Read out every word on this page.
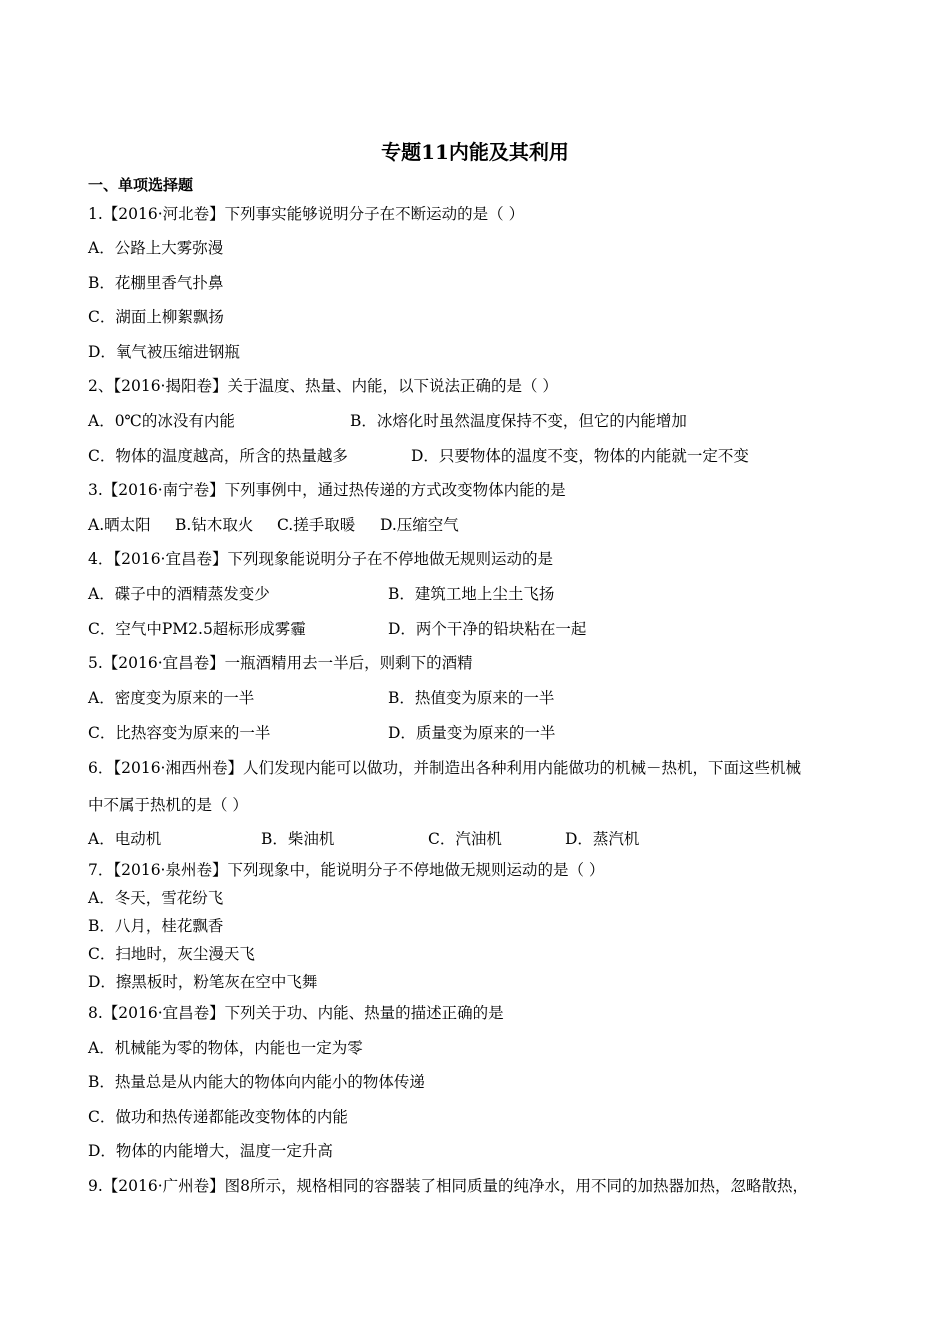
专题11内能及其利用
一、单项选择题
1.【2016·河北卷】下列事实能够说明分子在不断运动的是（ ）
A．公路上大雾弥漫
B．花棚里香气扑鼻
C．湖面上柳絮飘扬
D．氧气被压缩进钢瓶
2、【2016·揭阳卷】关于温度、热量、内能，以下说法正确的是（ ）
A．0℃的冰没有内能	B．冰熔化时虽然温度保持不变，但它的内能增加
C．物体的温度越高，所含的热量越多	D．只要物体的温度不变，物体的内能就一定不变
3.【2016·南宁卷】下列事例中，通过热传递的方式改变物体内能的是
A.晒太阳 B.钻木取火 C.搓手取暖 D.压缩空气
4．【2016·宜昌卷】下列现象能说明分子在不停地做无规则运动的是
A．碟子中的酒精蒸发变少	B．建筑工地上尘土飞扬
C．空气中PM2.5超标形成雾霾	D．两个干净的铅块粘在一起
5.【2016·宜昌卷】一瓶酒精用去一半后，则剩下的酒精
A．密度变为原来的一半	B．热值变为原来的一半
C．比热容变为原来的一半	D．质量变为原来的一半
6．【2016·湘西州卷】人们发现内能可以做功，并制造出各种利用内能做功的机械－热机，下面这些机械
中不属于热机的是（ ）
A．电动机	B．柴油机	C．汽油机	D．蒸汽机
7．【2016·泉州卷】下列现象中，能说明分子不停地做无规则运动的是（ ）
A．冬天，雪花纷飞
B．八月，桂花飘香
C．扫地时，灰尘漫天飞
D．擦黑板时，粉笔灰在空中飞舞
8.【2016·宜昌卷】下列关于功、内能、热量的描述正确的是
A．机械能为零的物体，内能也一定为零
B．热量总是从内能大的物体向内能小的物体传递
C．做功和热传递都能改变物体的内能
D．物体的内能增大，温度一定升高
9.【2016·广州卷】图8所示，规格相同的容器装了相同质量的纯净水，用不同的加热器加热，忽略散热，
